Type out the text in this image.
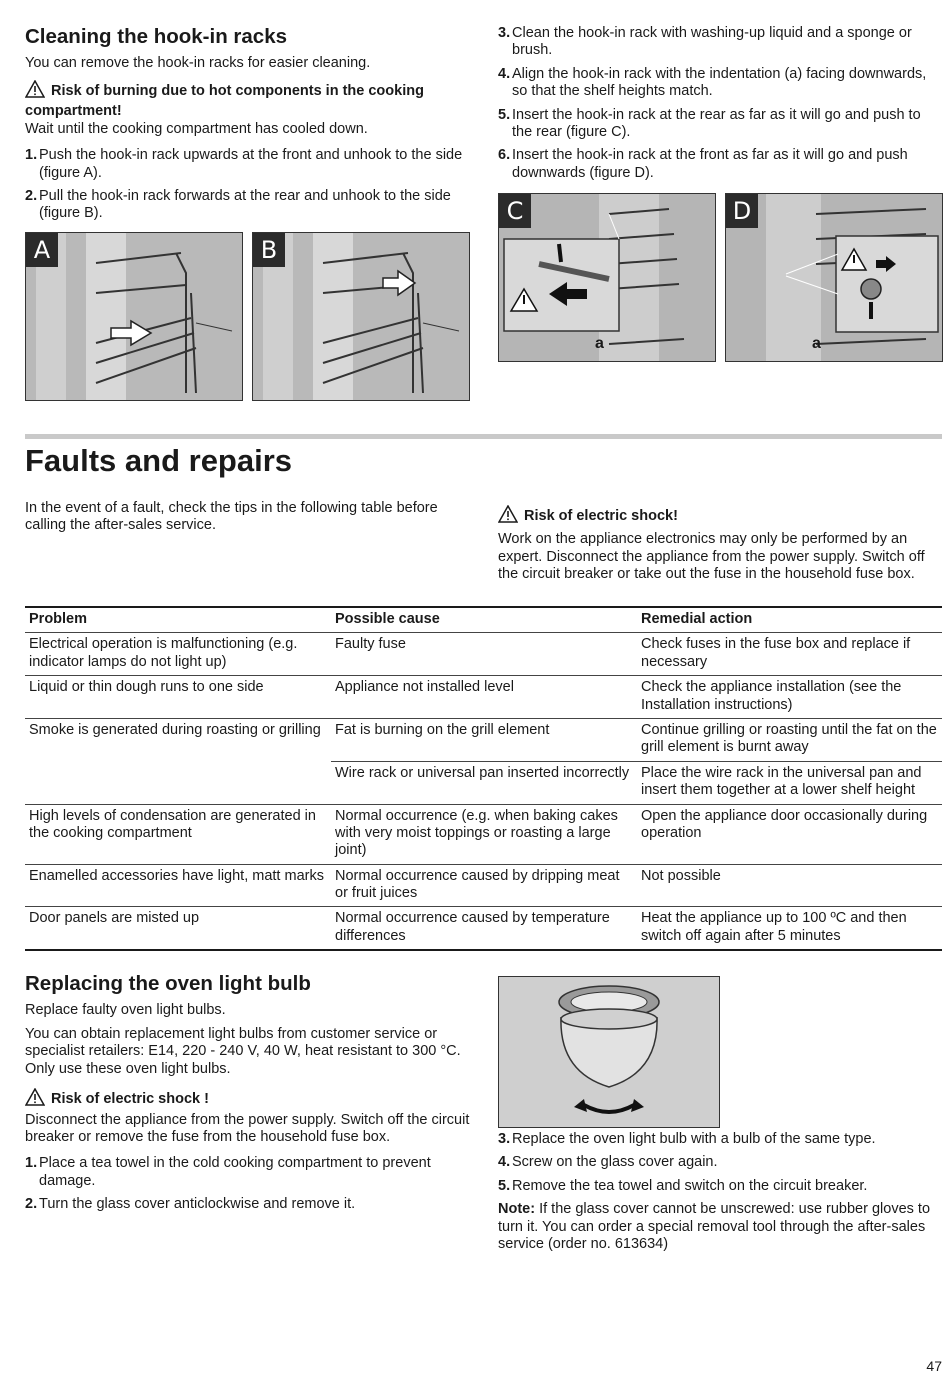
Cleaning the hook-in racks

You can remove the hook-in racks for easier cleaning.

Risk of burning due to hot components in the cooking compartment!

Wait until the cooking compartment has cooled down.

1. Push the hook-in rack upwards at the front and unhook to the side (figure A).
2. Pull the hook-in rack forwards at the rear and unhook to the side (figure B).
A	B
3. Clean the hook-in rack with washing-up liquid and a sponge or brush.
4. Align the hook-in rack with the indentation (a) facing downwards, so that the shelf heights match.
5. Insert the hook-in rack at the rear as far as it will go and push to the rear (figure C).
6. Insert the hook-in rack at the front as far as it will go and push downwards (figure D).
C
a
D
a
Faults and repairs

In the event of a fault, check the tips in the following table before calling the after-sales service.

Risk of electric shock!

Work on the appliance electronics may only be performed by an expert. Disconnect the appliance from the power supply. Switch off the circuit breaker or take out the fuse in the household fuse box.

Problem	Possible cause	Remedial action
Electrical operation is malfunctioning (e.g. indicator lamps do not light up)	Faulty fuse	Check fuses in the fuse box and replace if necessary
Liquid or thin dough runs to one side	Appliance not installed level	Check the appliance installation (see the Installation instructions)
Smoke is generated during roasting or grilling	Fat is burning on the grill element	Continue grilling or roasting until the fat on the grill element is burnt away
	Wire rack or universal pan inserted incorrectly	Place the wire rack in the universal pan and insert them together at a lower shelf height
High levels of condensation are generated in the cooking compartment	Normal occurrence (e.g. when baking cakes with very moist toppings or roasting a large joint)	Open the appliance door occasionally during operation
Enamelled accessories have light, matt marks	Normal occurrence caused by dripping meat or fruit juices	Not possible
Door panels are misted up	Normal occurrence caused by temperature differences	Heat the appliance up to 100 ºC and then switch off again after 5 minutes
Replacing the oven light bulb

Replace faulty oven light bulbs.

You can obtain replacement light bulbs from customer service or specialist retailers: E14, 220 - 240 V, 40 W, heat resistant to 300 °C. Only use these oven light bulbs.

Risk of electric shock !

Disconnect the appliance from the power supply. Switch off the circuit breaker or remove the fuse from the household fuse box.

1. Place a tea towel in the cold cooking compartment to prevent damage.
2. Turn the glass cover anticlockwise and remove it.
3. Replace the oven light bulb with a bulb of the same type.
4. Screw on the glass cover again.
5. Remove the tea towel and switch on the circuit breaker.

Note: If the glass cover cannot be unscrewed: use rubber gloves to turn it. You can order a special removal tool through the after-sales service (order no. 613634)

47
